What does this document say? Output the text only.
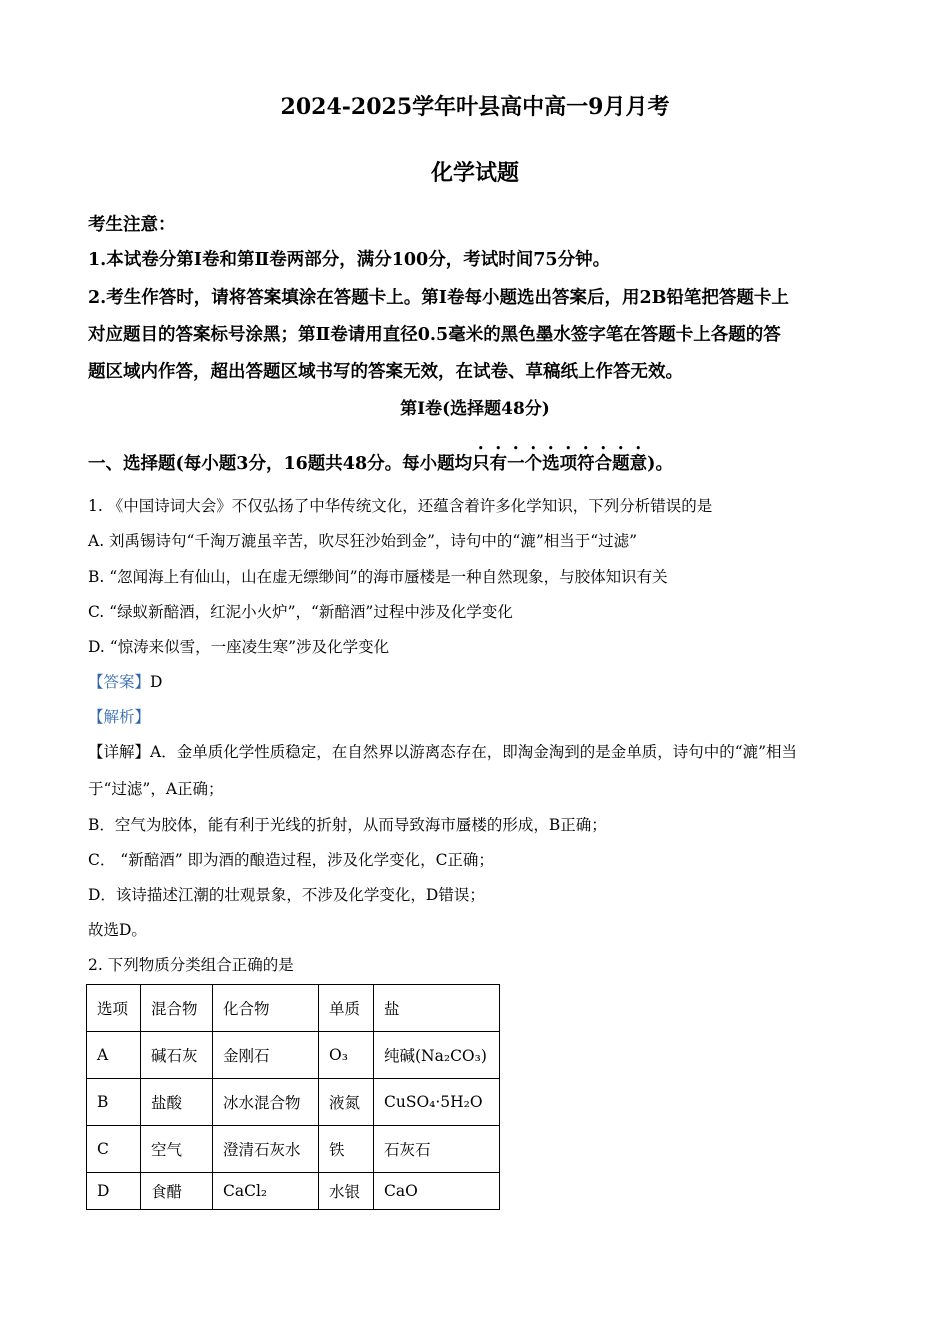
2024-2025学年叶县高中高一9月月考
化学试题
考生注意：
1.本试卷分第Ⅰ卷和第Ⅱ卷两部分，满分100分，考试时间75分钟。
2.考生作答时，请将答案填涂在答题卡上。第Ⅰ卷每小题选出答案后，用2B铅笔把答题卡上
对应题目的答案标号涂黑；第Ⅱ卷请用直径0.5毫米的黑色墨水签字笔在答题卡上各题的答
题区域内作答，超出答题区域书写的答案无效，在试卷、草稿纸上作答无效。
第Ⅰ卷(选择题48分)
一、选择题(每小题3分，16题共48分。每小题均只有一个选项符合题意)。
1. 《中国诗词大会》不仅弘扬了中华传统文化，还蕴含着许多化学知识，下列分析错误的是
A. 刘禹锡诗句“千淘万漉虽辛苦，吹尽狂沙始到金”，诗句中的“漉”相当于“过滤”
B. “忽闻海上有仙山，山在虚无缥缈间”的海市蜃楼是一种自然现象，与胶体知识有关
C. “绿蚁新醅酒，红泥小火炉”，“新醅酒”过程中涉及化学变化
D. “惊涛来似雪，一座凌生寒”涉及化学变化
【答案】D
【解析】
【详解】A．金单质化学性质稳定，在自然界以游离态存在，即淘金淘到的是金单质，诗句中的“漉”相当
于“过滤”，A正确；
B．空气为胶体，能有利于光线的折射，从而导致海市蜃楼的形成，B正确；
C． “新醅酒” 即为酒的酿造过程，涉及化学变化，C正确；
D．该诗描述江潮的壮观景象，不涉及化学变化，D错误；
故选D。
2. 下列物质分类组合正确的是
选项	混合物	化合物	单质	盐
A	碱石灰	金刚石	O₃	纯碱(Na₂CO₃)
B	盐酸	冰水混合物	液氮	CuSO₄·5H₂O
C	空气	澄清石灰水	铁	石灰石
D	食醋	CaCl₂	水银	CaO
